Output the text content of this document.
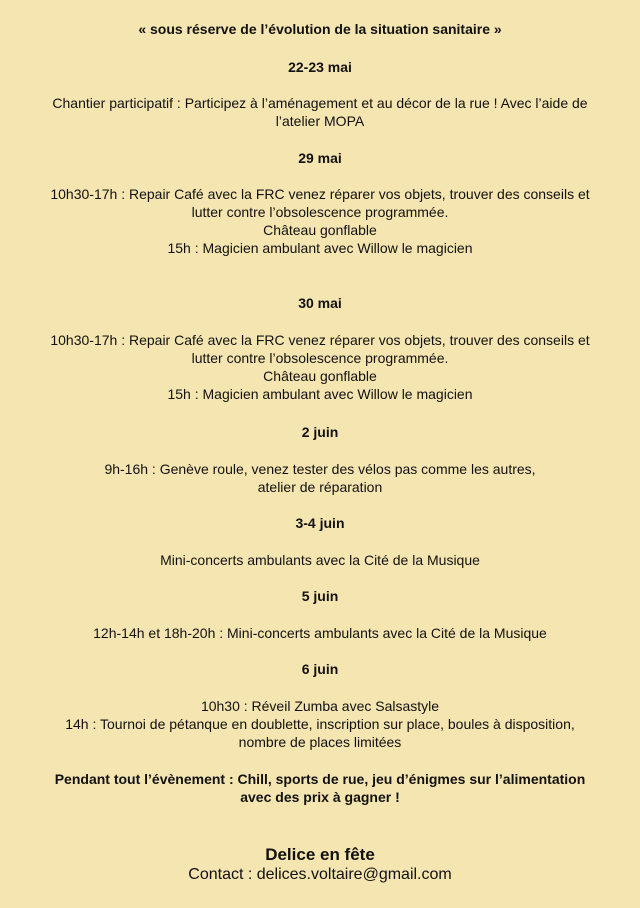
« sous réserve de l’évolution de la situation sanitaire »
22-23 mai
Chantier participatif : Participez à l’aménagement et au décor de la rue ! Avec l’aide de
l’atelier MOPA
29 mai
10h30-17h : Repair Café avec la FRC venez réparer vos objets, trouver des conseils et
lutter contre l’obsolescence programmée.
Château gonflable
15h : Magicien ambulant avec Willow le magicien
30 mai
10h30-17h : Repair Café avec la FRC venez réparer vos objets, trouver des conseils et
lutter contre l’obsolescence programmée.
Château gonflable
15h : Magicien ambulant avec Willow le magicien
2 juin
9h-16h : Genève roule, venez tester des vélos pas comme les autres,
atelier de réparation
3-4 juin
Mini-concerts ambulants avec la Cité de la Musique
5 juin
12h-14h et 18h-20h : Mini-concerts ambulants avec la Cité de la Musique
6 juin
10h30 : Réveil Zumba avec Salsastyle
14h : Tournoi de pétanque en doublette, inscription sur place, boules à disposition,
nombre de places limitées
Pendant tout l’évènement : Chill, sports de rue, jeu d’énigmes sur l’alimentation
avec des prix à gagner !
Delice en fête
Contact : delices.voltaire@gmail.com
